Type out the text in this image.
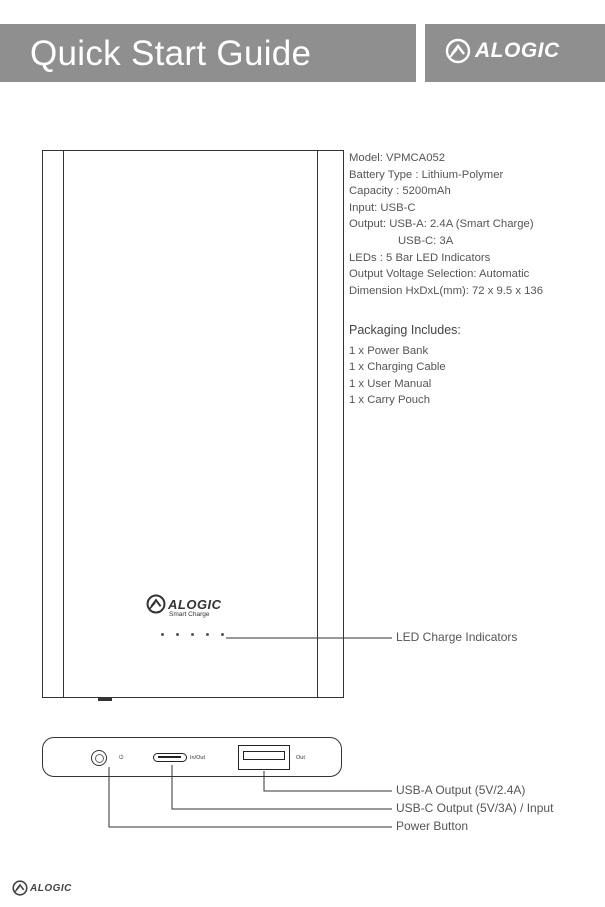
Quick Start Guide	ALOGIC
ALOGIC
Smart Charge
Model: VPMCA052
Battery Type : Lithium-Polymer
Capacity : 5200mAh
Input: USB-C
Output: USB-A: 2.4A (Smart Charge)
USB-C: 3A
LEDs : 5 Bar LED Indicators
Output Voltage Selection: Automatic
Dimension HxDxL(mm): 72 x 9.5 x 136
Packaging Includes:
1 x Power Bank
1 x Charging Cable
1 x User Manual
1 x Carry Pouch
⏻	In/Out	Out
LED Charge Indicators
USB-A Output (5V/2.4A)
USB-C Output (5V/3A) / Input
Power Button
ALOGIC
